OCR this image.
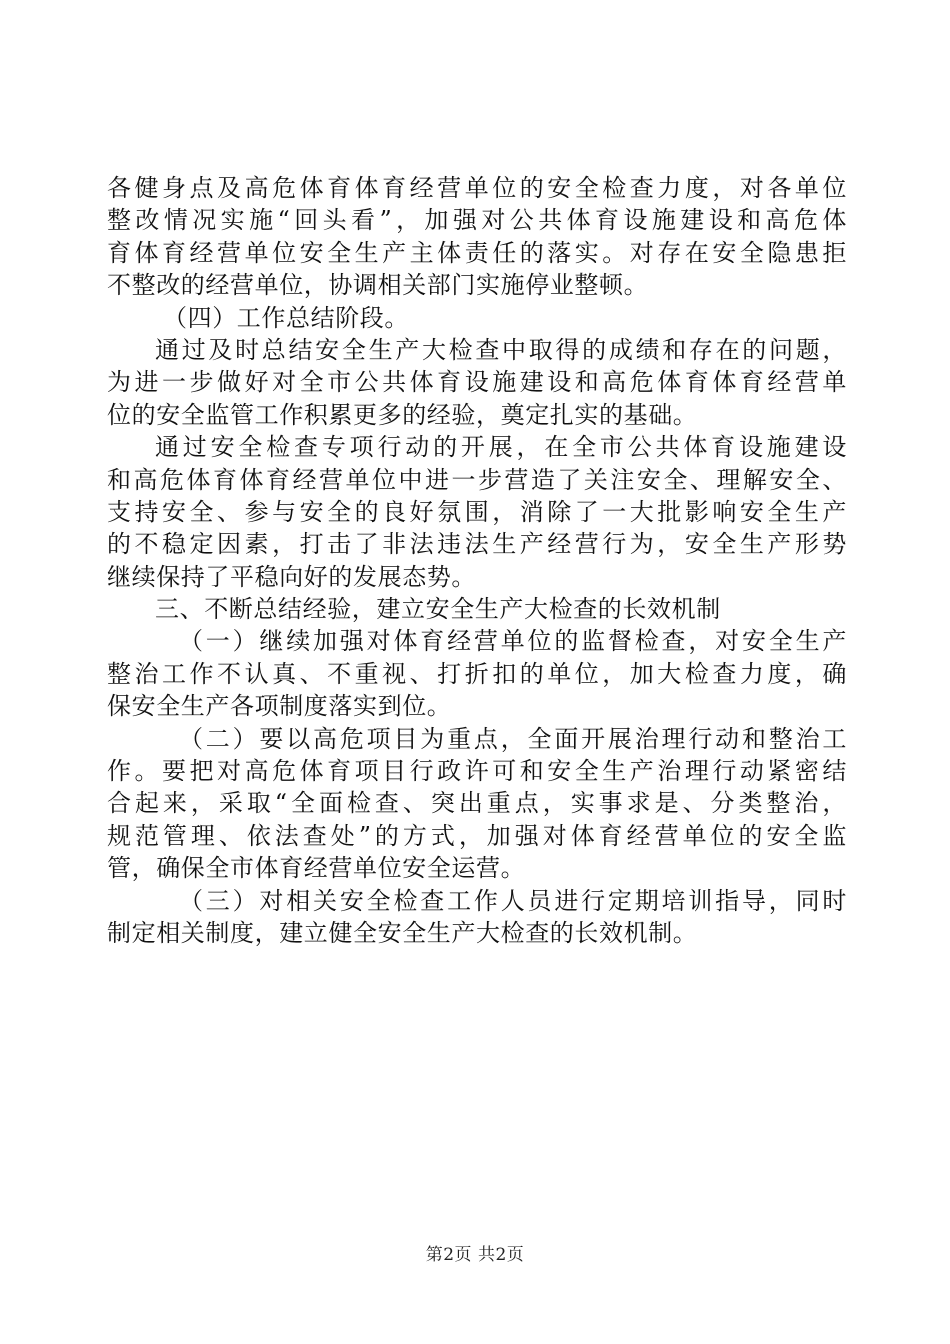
各健身点及高危体育体育经营单位的安全检查力度，对各单位
整改情况实施“回头看”，加强对公共体育设施建设和高危体
育体育经营单位安全生产主体责任的落实。对存在安全隐患拒
不整改的经营单位，协调相关部门实施停业整顿。
（四）工作总结阶段。
通过及时总结安全生产大检查中取得的成绩和存在的问题，
为进一步做好对全市公共体育设施建设和高危体育体育经营单
位的安全监管工作积累更多的经验，奠定扎实的基础。
通过安全检查专项行动的开展，在全市公共体育设施建设
和高危体育体育经营单位中进一步营造了关注安全、理解安全、
支持安全、参与安全的良好氛围，消除了一大批影响安全生产
的不稳定因素，打击了非法违法生产经营行为，安全生产形势
继续保持了平稳向好的发展态势。
三、不断总结经验，建立安全生产大检查的长效机制
（一）继续加强对体育经营单位的监督检查，对安全生产
整治工作不认真、不重视、打折扣的单位，加大检查力度，确
保安全生产各项制度落实到位。
（二）要以高危项目为重点，全面开展治理行动和整治工
作。要把对高危体育项目行政许可和安全生产治理行动紧密结
合起来，采取“全面检查、突出重点，实事求是、分类整治，
规范管理、依法查处”的方式，加强对体育经营单位的安全监
管，确保全市体育经营单位安全运营。
（三）对相关安全检查工作人员进行定期培训指导，同时
制定相关制度，建立健全安全生产大检查的长效机制。
第2页 共2页
